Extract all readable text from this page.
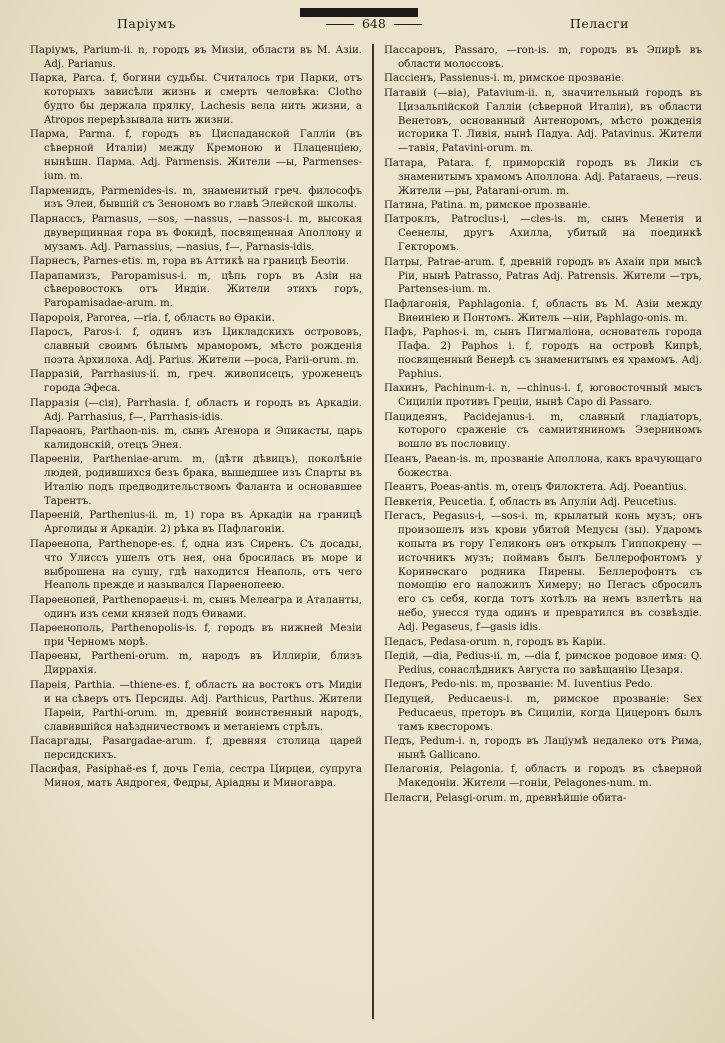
Паріумъ	648	Пеласги

Паріумъ, Parium-ii. n, городъ въ Мизіи, области въ М. Азіи. Adj. Parianus.

Парка, Parca. f, богини судьбы. Считалось три Парки, отъ которыхъ зависѣли жизнь и смерть человѣка: Clotho будто бы держала прялку, Lachesis вела нить жизни, а Atropos перерѣзывала нить жизни.

Парма, Parma. f, городъ въ Циспаданской Галліи (въ сѣверной Италіи) между Кремоною и Плаценціею, нынѣшн. Парма. Adj. Parmensis. Жители —ы, Parmenses-ium. m.

Парменидъ, Parmenides-is. m, знаменитый греч. философъ изъ Элеи, бывшій съ Зенономъ во главѣ Элейской школы.

Парнассъ, Parnasus, —sos, —nassus, —nassos-i. m, высокая двуверщинная гора въ Фокидѣ, посвященная Аполлону и музамъ. Adj. Parnassius, —nasius, f—, Parnasis-idis.

Парнесъ, Parnes-etis. m, гора въ Аттикѣ на границѣ Беотіи.

Парапамизъ, Paropamisus-i. m, цѣпь горъ въ Азіи на сѣверовостокъ отъ Индіи. Жители этихъ горъ, Paropamisadae-arum. m.

Паророія, Parorea, —ria. f, область во Ѳракіи.

Паросъ, Paros-i. f, одинъ изъ Цикладскихъ острововъ, славный своимъ бѣлымъ мраморомъ, мѣсто рожденія поэта Архилоха. Adj. Parius. Жители —роса, Parii-orum. m.

Парразій, Parrhasius-ii. m, греч. живописецъ, уроженецъ города Эфеса.

Парразія (—сія), Parrhasia. f, область и городъ въ Аркадіи. Adj. Parrhasius, f—, Parrhasis-idis.

Парѳаонъ, Parthaon-nis. m, сынъ Агенора и Эпикасты, царь калидонскій, отецъ Энея.

Парѳеніи, Partheniae-arum. m, (дѣти дѣвицъ), поколѣніе людей, родившихся безъ брака, вышедшее изъ Спарты въ Италію подъ предводительствомъ Фаланта и основавшее Тарентъ.

Парѳеній, Parthenius-ii. m, 1) гора въ Аркадіи на границѣ Арголиды и Аркадіи. 2) рѣка въ Пафлагоніи.

Парѳенопа, Parthenope-es. f, одна изъ Сиренъ. Съ досады, что Улиссъ ушелъ отъ нея, она бросилась въ море и выброшена на сушу, гдѣ находится Неаполь, отъ чего Неаполь прежде и назывался Парѳенопеею.

Парѳенопей, Parthenopaeus-i. m, сынъ Мелеагра и Аталанты, одинъ изъ семи князей подъ Ѳивами.

Парѳенополь, Parthenopolis-is. f, городъ въ нижней Мезіи при Черномъ морѣ.

Парѳены, Partheni-orum. m, народъ въ Иллиріи, близъ Диррахія.

Парѳія, Parthia. —thiene-es. f, область на востокъ отъ Мидіи и на сѣверъ отъ Персиды. Adj. Parthicus, Parthus. Жители Парѳіи, Parthi-orum. m, древній воинственный народъ, славившійся наѣздничествомъ и метаніемъ стрѣлъ.

Пасаргады, Pasargadae-arum. f, древняя столица царей персидскихъ.

Пасифая, Pasiphaë-es f, дочь Геліа, сестра Цирцеи, супруга Миноя, мать Андрогея, Федры, Аріадны и Миногавра.

Пассаронъ, Passaro, —ron-is. m, городъ въ Эпирѣ въ области молоссовъ.

Пассіенъ, Passienus-i. m, римское прозваніе.

Патавій (—віа), Patavium-ii. n, значительный городъ въ Цизальпійской Галліи (сѣверной Италіи), въ области Венетовъ, основанный Антеноромъ, мѣсто рожденія историка Т. Ливія, нынѣ Падуа. Adj. Patavinus. Жители —тавія, Patavini-orum. m.

Патара, Patara. f, приморскій городъ въ Ликіи съ знаменитымъ храмомъ Аполлона. Adj. Pataraeus, —reus. Жители —ры, Patarani-orum. m.

Патина, Patina. m, римское прозваніе.

Патроклъ, Patroclus-i, —cles-is. m, сынъ Менетія и Сѳенелы, другъ Ахилла, убитый на поединкѣ Гекторомъ.

Патры, Patrae-arum. f, древній городъ въ Ахаіи при мысѣ Ріи, нынѣ Patrasso, Patras Adj. Patrensis. Жители —тръ, Partenses-ium. m.

Пафлагонія, Paphlagonia. f, область въ М. Азіи между Виѳиніею и Понтомъ. Житель —ніи, Paphlago-onis. m.

Пафъ, Paphos-i. m, сынъ Пигмаліона, основатель города Пафа. 2) Paphos i. f, городъ на островѣ Кипрѣ, посвященный Венерѣ съ знаменитымъ ея храмомъ. Adj. Paphius.

Пахинъ, Pachinum-i. n, —chinus-i. f, юговосточный мысъ Сициліи противъ Греціи, нынѣ Capo di Passaro.

Пацидеянъ, Pacidejanus-i. m, славный гладіаторъ, которого сраженіе съ самнитяниномъ Эзерниномъ вошло въ пословицу.

Пеанъ, Paean-is. m, прозваніе Аполлона, какъ врачующаго божества.

Пеантъ, Poeas-antis. m, отецъ Филоктета. Adj. Poeantius.

Певкетія, Peucetia. f, область въ Апуліи Adj. Peucetius.

Пегасъ, Pegasus-i, —sos-i. m, крылатый конь музъ; онъ произошелъ изъ крови убитой Медусы (зы). Ударомъ копыта въ гору Геликонъ онъ открылъ Гиппокрену — источникъ музъ; поймавъ былъ Беллерофонтомъ у Коринѳскаго родника Пирены. Беллерофонтъ съ помощію его наложилъ Химеру; но Пегасъ сбросилъ его съ себя, когда тотъ хотѣлъ на немъ взлетѣть на небо, унесся туда одинъ и превратился въ созвѣздіе. Adj. Pegaseus, f—gasis idis.

Педасъ, Pedasa-orum. n, городъ въ Каріи.

Педій, —dia, Pedius-ii. m, —dia f, римское родовое имя: Q. Pedius, сонаслѣдникъ Августа по завѣщанію Цезаря.

Педонъ, Pedo-nis. m, прозваніе: M. Iuventius Pedo.

Педуцей, Peducaeus-i. m, римское прозваніе: Sex Peducaeus, преторъ въ Сициліи, когда Цицеронъ былъ тамъ квесторомъ.

Педъ, Pedum-i. n, городъ въ Лаціумѣ недалеко отъ Рима, нынѣ Gallicano.

Пелагонія, Pelagonia. f, область и городъ въ сѣверной Македоніи. Жители —гоніи, Pelagones-num. m.

Пеласги, Pelasgi-orum. m, древнѣйшіе обита-
